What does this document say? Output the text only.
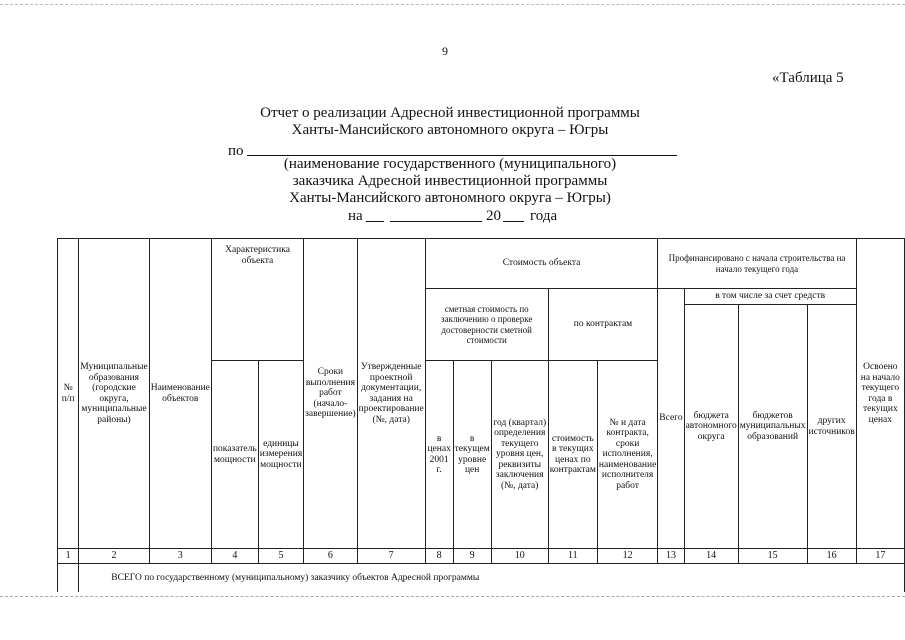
9
«Таблица 5
Отчет о реализации Адресной инвестиционной программы
Ханты-Мансийского автономного округа – Югры
по
(наименование государственного (муниципального)
заказчика Адресной инвестиционной программы
Ханты-Мансийского автономного округа – Югры)
на	20 года
№ п/п	Муниципальные образования (городские округа, муниципальные районы)	Наименование объектов	Характеристика объекта		Сроки выполнения работ (начало-завершение)	Утвержденные проектной документации, задания на проектирование (№, дата)	Стоимость объекта					Профинансировано с начала строительства на начало текущего года				Освоено на начало текущего года в текущих ценах
							сметная стоимость по заключению о проверке достоверности сметной стоимости			по контрактам		Всего	в том числе за счет средств			
													бюджета автономного округа	бюджетов муниципальных образований	других источников	
			показатель мощности	единицы измерения мощности			в ценах 2001 г.	в текущем уровне цен	год (квартал) определения текущего уровня цен, реквизиты заключения (№, дата)	стоимость в текущих ценах по контрактам	№ и дата контракта, сроки исполнения, наименование исполнителя работ					
1	2	3	4	5	6	7	8	9	10	11	12	13	14	15	16	17
	ВСЕГО по государственному (муниципальному) заказчику объектов Адресной программы															
